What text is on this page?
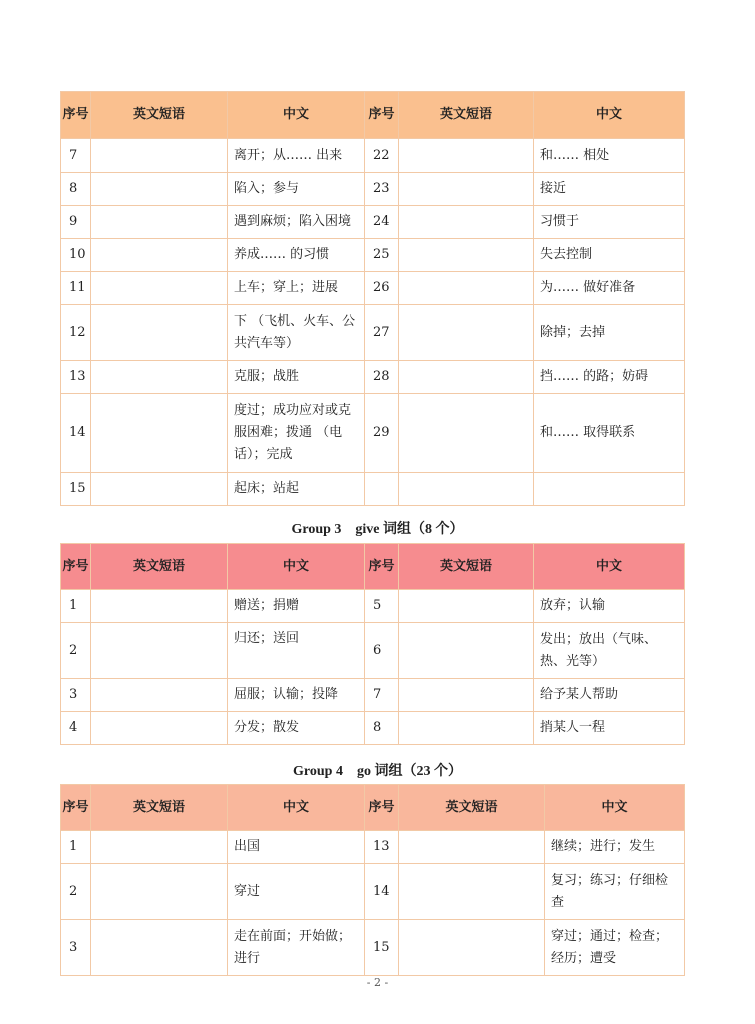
序号	英文短语	中文	序号	英文短语	中文
7		离开；从…… 出来	22		和…… 相处
8		陷入；参与	23		接近
9		遇到麻烦；陷入困境	24		习惯于
10		养成…… 的习惯	25		失去控制
11		上车；穿上；进展	26		为…… 做好准备
12		下 （飞机、火车、公共汽车等）	27		除掉；去掉
13		克服；战胜	28		挡…… 的路；妨碍
14		度过；成功应对或克服困难；拨通 （电话）；完成	29		和…… 取得联系
15		起床；站起			
Group 3　give 词组（8 个）
序号	英文短语	中文	序号	英文短语	中文
1		赠送；捐赠	5		放弃；认输
2		归还；送回	6		发出；放出（气味、热、光等）
3		屈服；认输；投降	7		给予某人帮助
4		分发；散发	8		捎某人一程
Group 4　go 词组（23 个）
序号	英文短语	中文	序号	英文短语	中文
1		出国	13		继续；进行；发生
2		穿过	14		复习；练习；仔细检查
3		走在前面；开始做；进行	15		穿过；通过；检查；经历；遭受
- 2 -
